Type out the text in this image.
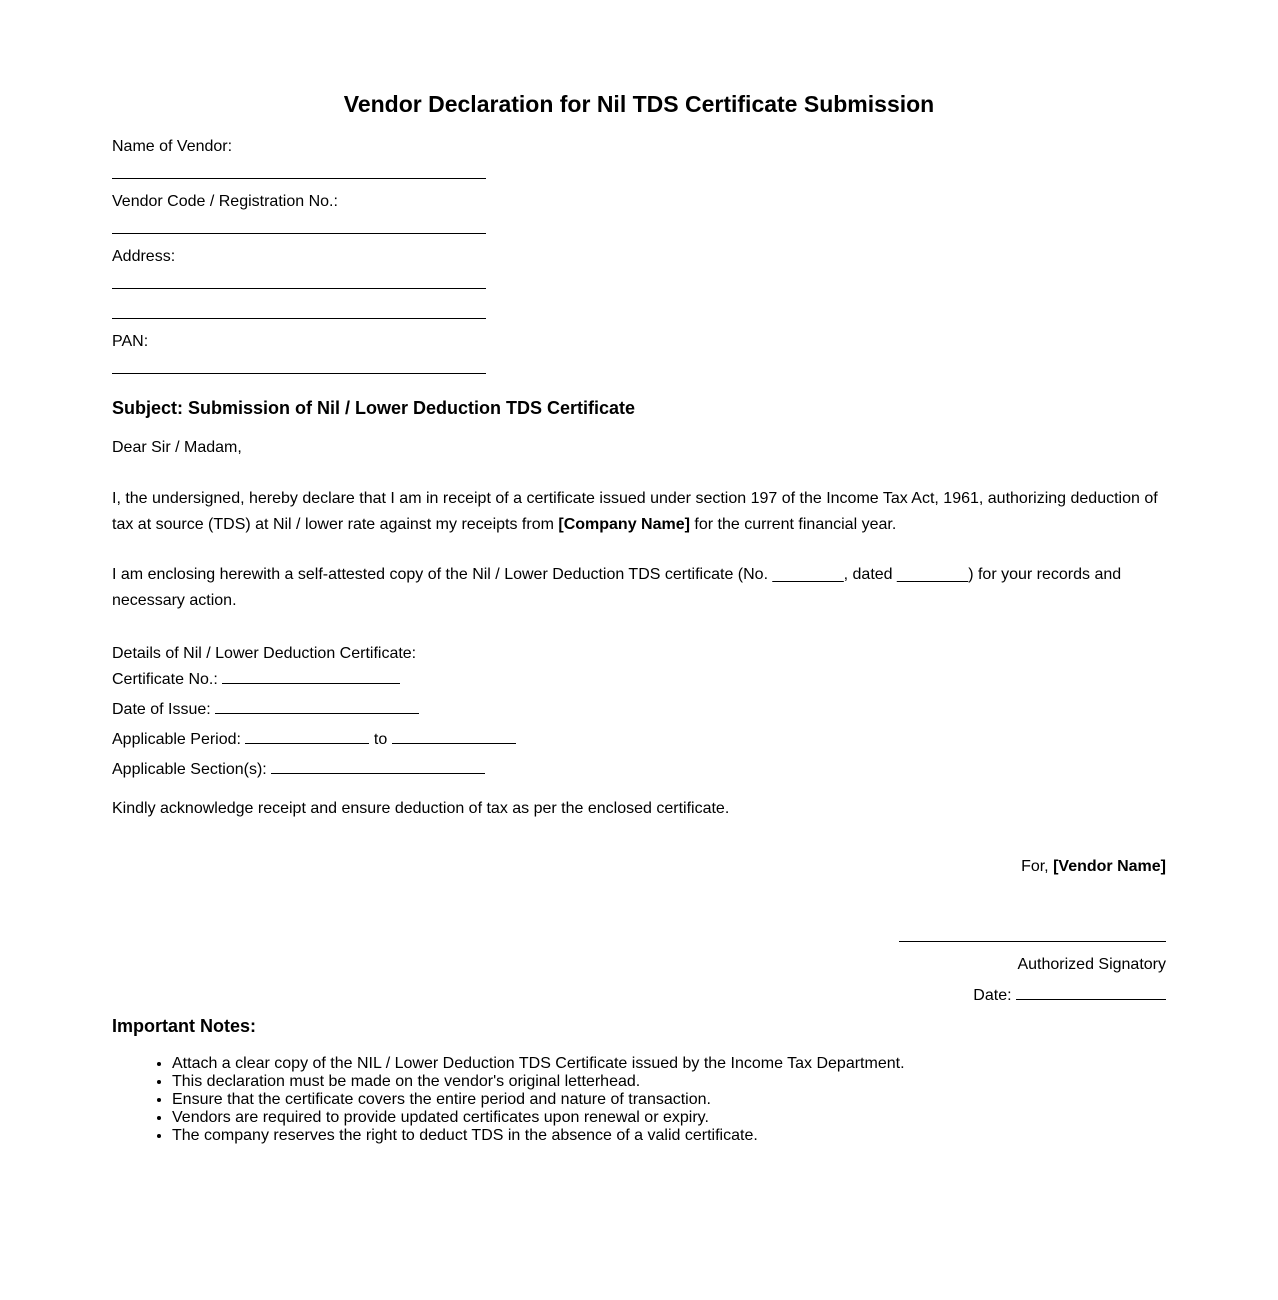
Vendor Declaration for Nil TDS Certificate Submission
Name of Vendor:
Vendor Code / Registration No.:
Address:
PAN:
Subject: Submission of Nil / Lower Deduction TDS Certificate
Dear Sir / Madam,

I, the undersigned, hereby declare that I am in receipt of a certificate issued under section 197 of the Income Tax Act, 1961, authorizing deduction of tax at source (TDS) at Nil / lower rate against my receipts from [Company Name] for the current financial year.

I am enclosing herewith a self-attested copy of the Nil / Lower Deduction TDS certificate (No. ________, dated ________) for your records and necessary action.

Details of Nil / Lower Deduction Certificate:
Certificate No.:
Date of Issue:
Applicable Period:	to
Applicable Section(s):
Kindly acknowledge receipt and ensure deduction of tax as per the enclosed certificate.
For, [Vendor Name]
Authorized Signatory
Date:
Important Notes:
• Attach a clear copy of the NIL / Lower Deduction TDS Certificate issued by the Income Tax Department.
• This declaration must be made on the vendor's original letterhead.
• Ensure that the certificate covers the entire period and nature of transaction.
• Vendors are required to provide updated certificates upon renewal or expiry.
• The company reserves the right to deduct TDS in the absence of a valid certificate.
